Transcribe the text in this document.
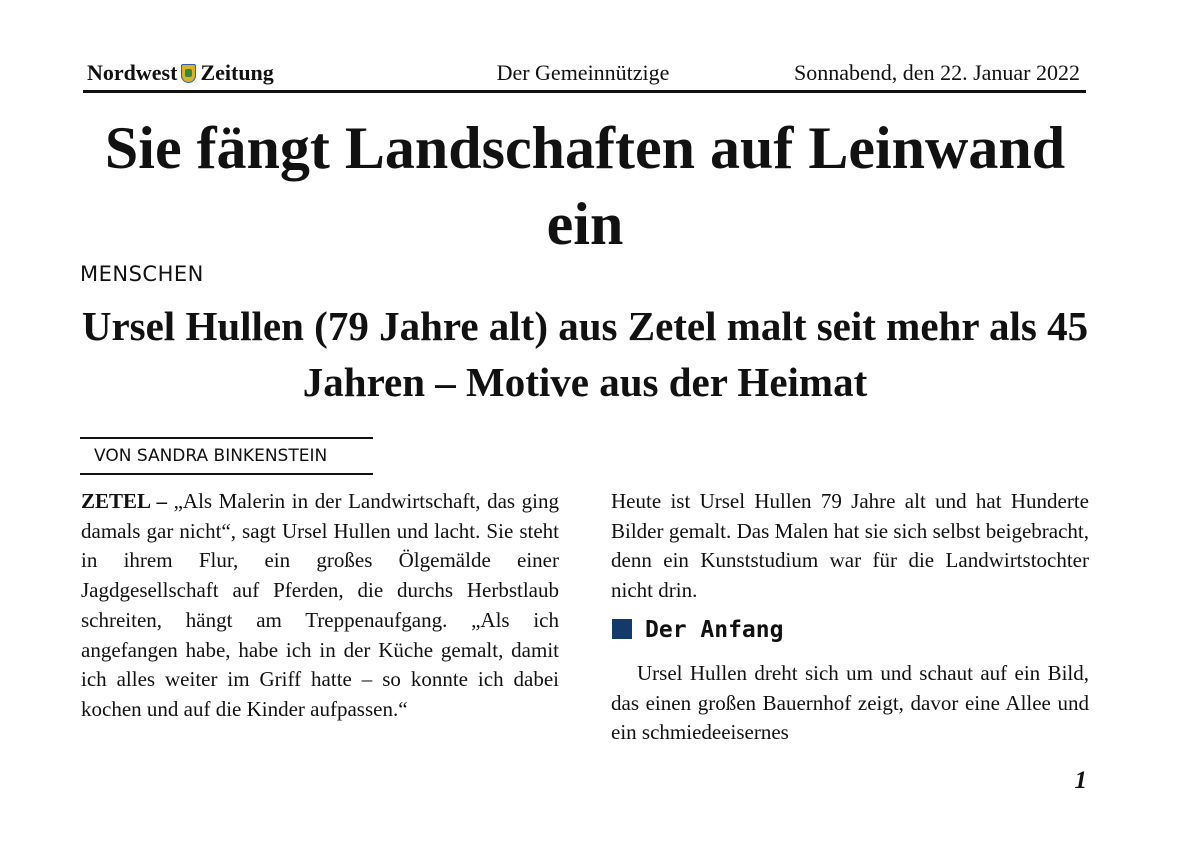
Nordwest Zeitung	Der Gemeinnützige	Sonnabend, den 22. Januar 2022
Sie fängt Landschaften auf Leinwand ein
MENSCHEN
Ursel Hullen (79 Jahre alt) aus Zetel malt seit mehr als 45 Jahren – Motive aus der Heimat
VON SANDRA BINKENSTEIN
ZETEL – „Als Malerin in der Landwirtschaft, das ging damals gar nicht“, sagt Ursel Hullen und lacht. Sie steht in ihrem Flur, ein großes Ölgemälde einer Jagdgesellschaft auf Pferden, die durchs Herbstlaub schreiten, hängt am Treppenaufgang. „Als ich angefangen habe, habe ich in der Küche gemalt, damit ich alles weiter im Griff hatte – so konnte ich dabei kochen und auf die Kinder aufpassen.“
Heute ist Ursel Hullen 79 Jahre alt und hat Hunderte Bilder gemalt. Das Malen hat sie sich selbst beigebracht, denn ein Kunststudium war für die Landwirtstochter nicht drin.
Der Anfang
Ursel Hullen dreht sich um und schaut auf ein Bild, das einen großen Bauernhof zeigt, davor eine Allee und ein schmiedeeisernes
1
